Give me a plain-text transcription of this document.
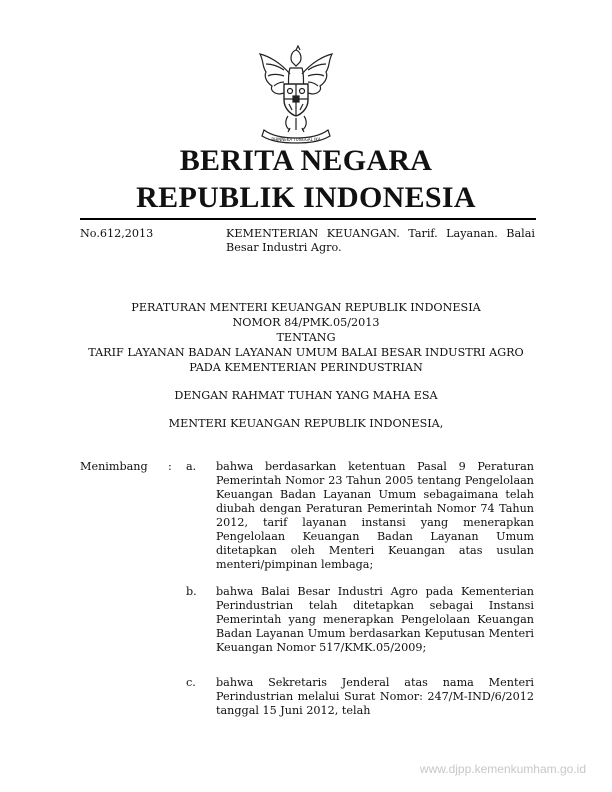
BHINNEKA TUNGGAL IKA
BERITA NEGARA
REPUBLIK INDONESIA
No.612,2013	KEMENTERIAN KEUANGAN. Tarif. Layanan. Balai Besar Industri Agro.
PERATURAN MENTERI KEUANGAN REPUBLIK INDONESIA
NOMOR 84/PMK.05/2013
TENTANG
TARIF LAYANAN BADAN LAYANAN UMUM BALAI BESAR INDUSTRI AGRO
PADA KEMENTERIAN PERINDUSTRIAN
DENGAN RAHMAT TUHAN YANG MAHA ESA
MENTERI KEUANGAN REPUBLIK INDONESIA,
Menimbang : a. bahwa berdasarkan ketentuan Pasal 9 Peraturan Pemerintah Nomor 23 Tahun 2005 tentang Pengelolaan Keuangan Badan Layanan Umum sebagaimana telah diubah dengan Peraturan Pemerintah Nomor 74 Tahun 2012, tarif layanan instansi yang menerapkan Pengelolaan Keuangan Badan Layanan Umum ditetapkan oleh Menteri Keuangan atas usulan menteri/pimpinan lembaga;
b. bahwa Balai Besar Industri Agro pada Kementerian Perindustrian telah ditetapkan sebagai Instansi Pemerintah yang menerapkan Pengelolaan Keuangan Badan Layanan Umum berdasarkan Keputusan Menteri Keuangan Nomor 517/KMK.05/2009;
c. bahwa Sekretaris Jenderal atas nama Menteri Perindustrian melalui Surat Nomor: 247/M-IND/6/2012 tanggal 15 Juni 2012, telah
www.djpp.kemenkumham.go.id
